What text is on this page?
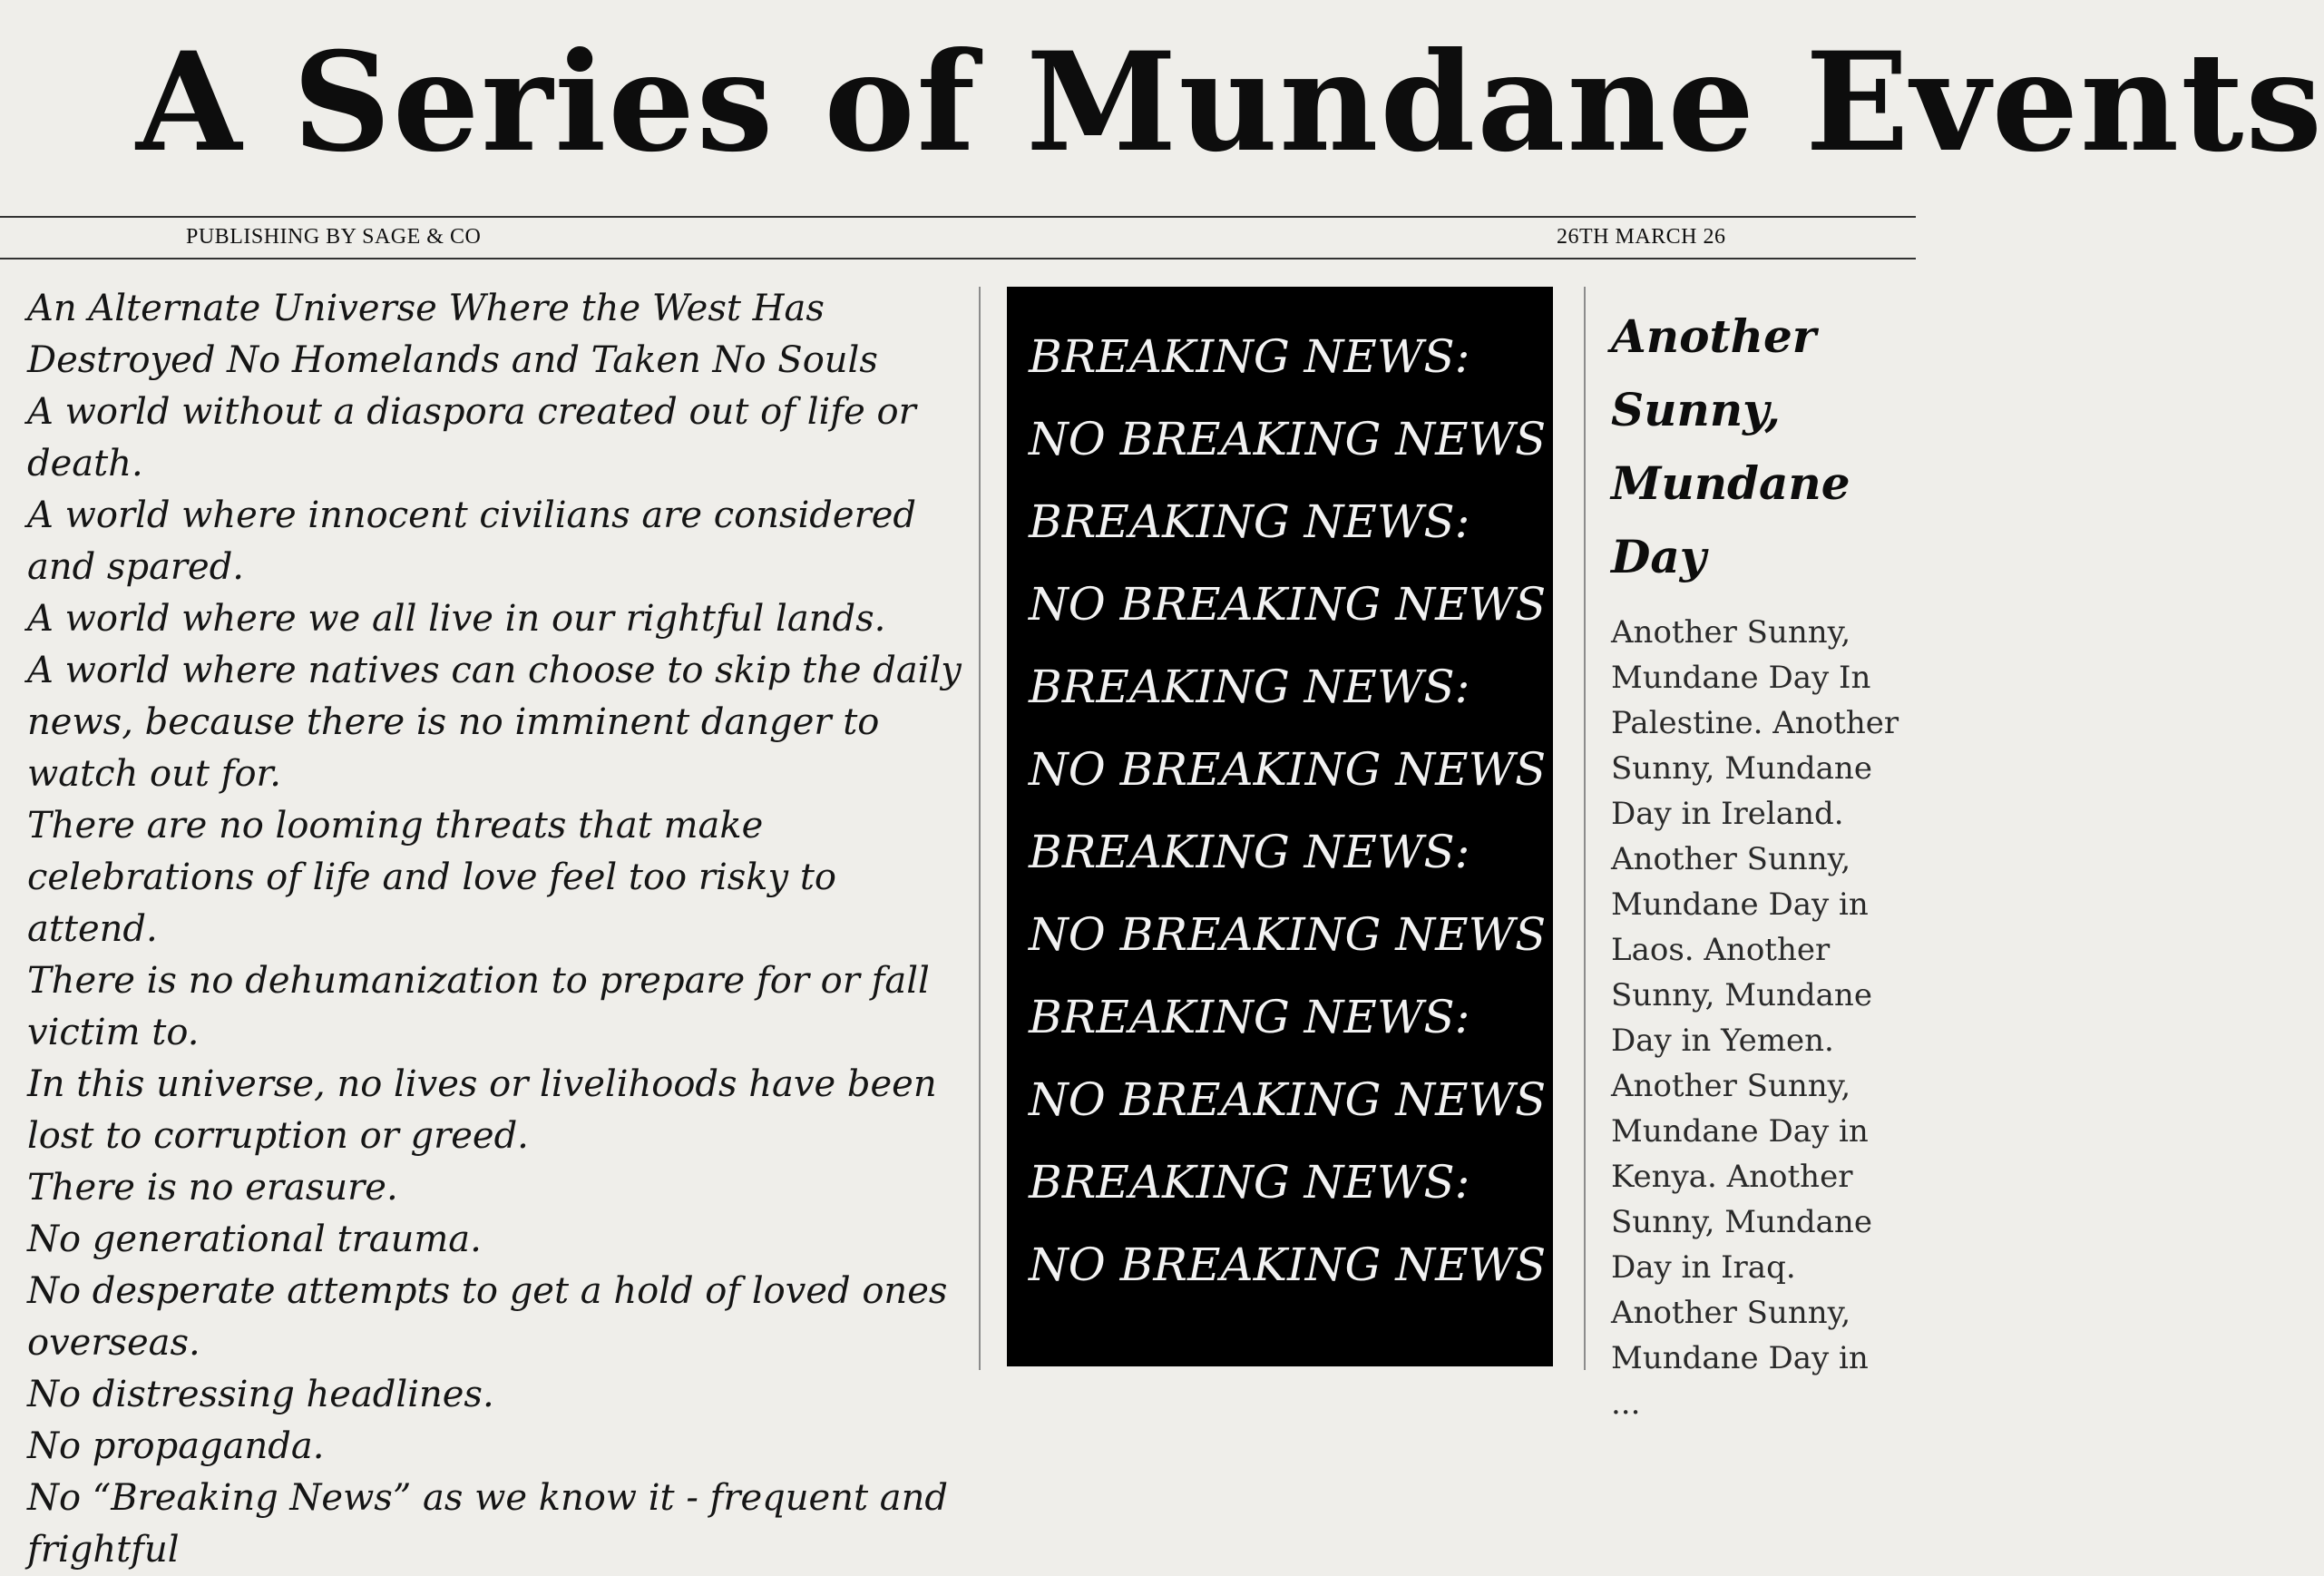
A Series of Mundane Events
PUBLISHING BY SAGE & CO	26TH MARCH 26

An Alternate Universe Where the West Has Destroyed No Homelands and Taken No Souls

A world without a diaspora created out of life or death.

A world where innocent civilians are considered and spared.

A world where we all live in our rightful lands.

A world where natives can choose to skip the daily news, because there is no imminent danger to watch out for.

There are no looming threats that make celebrations of life and love feel too risky to attend.

There is no dehumanization to prepare for or fall victim to.

In this universe, no lives or livelihoods have been lost to corruption or greed.

There is no erasure.

No generational trauma.

No desperate attempts to get a hold of loved ones overseas.

No distressing headlines.

No propaganda.

No “Breaking News” as we know it - frequent and frightful

BREAKING NEWS:
NO BREAKING NEWS
BREAKING NEWS:
NO BREAKING NEWS
BREAKING NEWS:
NO BREAKING NEWS
BREAKING NEWS:
NO BREAKING NEWS
BREAKING NEWS:
NO BREAKING NEWS
BREAKING NEWS:
NO BREAKING NEWS
Another Sunny, Mundane Day

Another Sunny, Mundane Day In Palestine. Another Sunny, Mundane Day in Ireland. Another Sunny, Mundane Day in Laos. Another Sunny, Mundane Day in Yemen. Another Sunny, Mundane Day in Kenya. Another Sunny, Mundane Day in Iraq. Another Sunny, Mundane Day in ...
